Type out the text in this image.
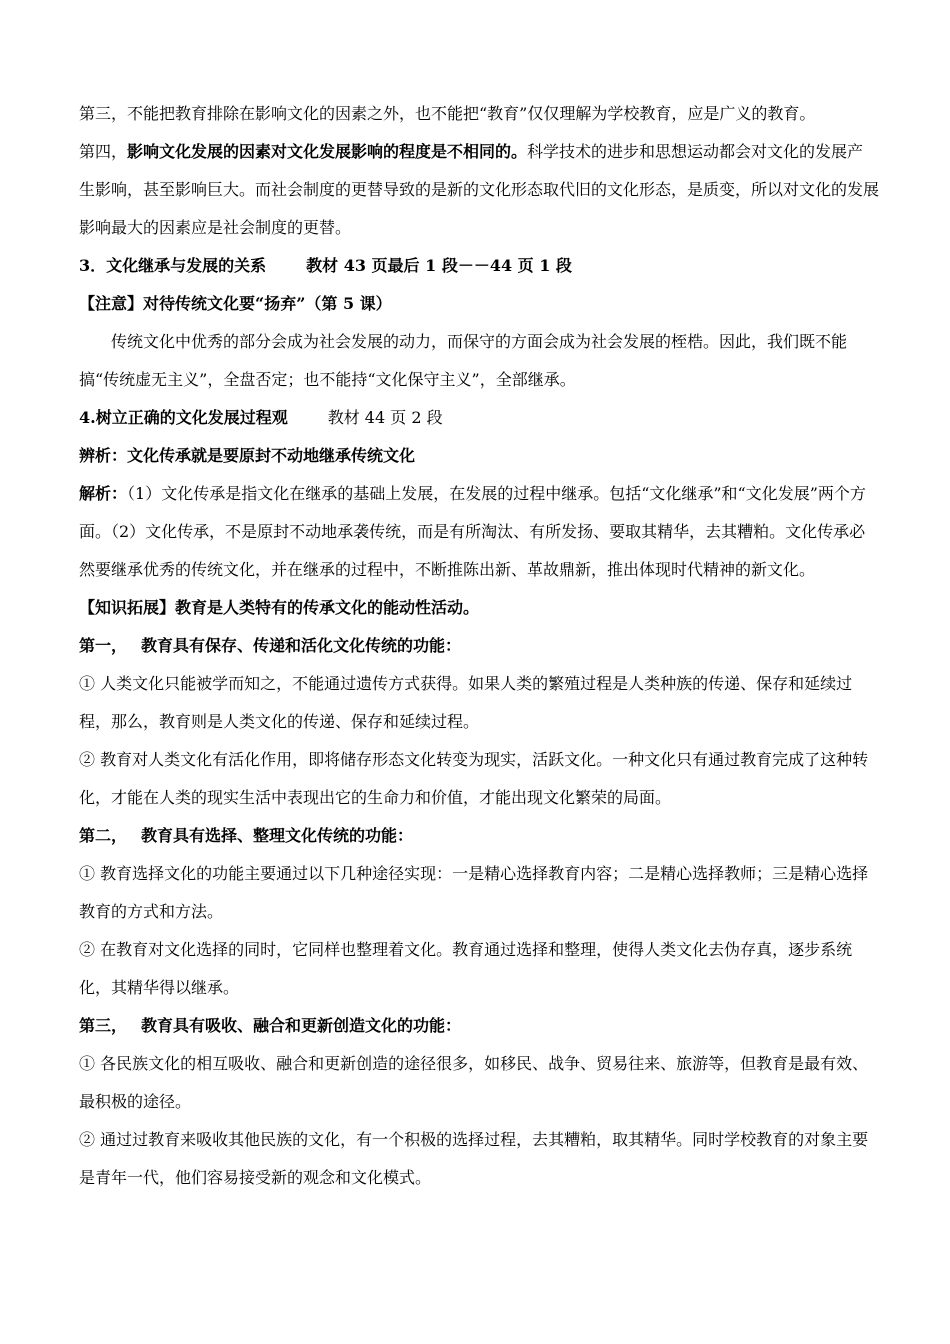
第三，不能把教育排除在影响文化的因素之外，也不能把“教育”仅仅理解为学校教育，应是广义的教育。

第四，影响文化发展的因素对文化发展影响的程度是不相同的。科学技术的进步和思想运动都会对文化的发展产生影响，甚至影响巨大。而社会制度的更替导致的是新的文化形态取代旧的文化形态，是质变，所以对文化的发展影响最大的因素应是社会制度的更替。

3．文化继承与发展的关系	教材 43 页最后 1 段－－44 页 1 段

【注意】对待传统文化要“扬弃”（第 5 课）

传统文化中优秀的部分会成为社会发展的动力，而保守的方面会成为社会发展的桎梏。因此，我们既不能搞“传统虚无主义”，全盘否定；也不能持“文化保守主义”，全部继承。

4.树立正确的文化发展过程观	教材 44 页 2 段

辨析：文化传承就是要原封不动地继承传统文化

解析：（1）文化传承是指文化在继承的基础上发展，在发展的过程中继承。包括“文化继承”和“文化发展”两个方面。（2）文化传承，不是原封不动地承袭传统，而是有所淘汰、有所发扬、要取其精华，去其糟粕。文化传承必然要继承优秀的传统文化，并在继承的过程中，不断推陈出新、革故鼎新，推出体现时代精神的新文化。

【知识拓展】教育是人类特有的传承文化的能动性活动。

第一， 教育具有保存、传递和活化文化传统的功能：

① 人类文化只能被学而知之，不能通过遗传方式获得。如果人类的繁殖过程是人类种族的传递、保存和延续过程，那么，教育则是人类文化的传递、保存和延续过程。

② 教育对人类文化有活化作用，即将储存形态文化转变为现实，活跃文化。一种文化只有通过教育完成了这种转化，才能在人类的现实生活中表现出它的生命力和价值，才能出现文化繁荣的局面。

第二， 教育具有选择、整理文化传统的功能：

① 教育选择文化的功能主要通过以下几种途径实现：一是精心选择教育内容；二是精心选择教师；三是精心选择教育的方式和方法。

② 在教育对文化选择的同时，它同样也整理着文化。教育通过选择和整理，使得人类文化去伪存真，逐步系统化，其精华得以继承。

第三， 教育具有吸收、融合和更新创造文化的功能：

① 各民族文化的相互吸收、融合和更新创造的途径很多，如移民、战争、贸易往来、旅游等，但教育是最有效、最积极的途径。

② 通过过教育来吸收其他民族的文化，有一个积极的选择过程，去其糟粕，取其精华。同时学校教育的对象主要是青年一代，他们容易接受新的观念和文化模式。
